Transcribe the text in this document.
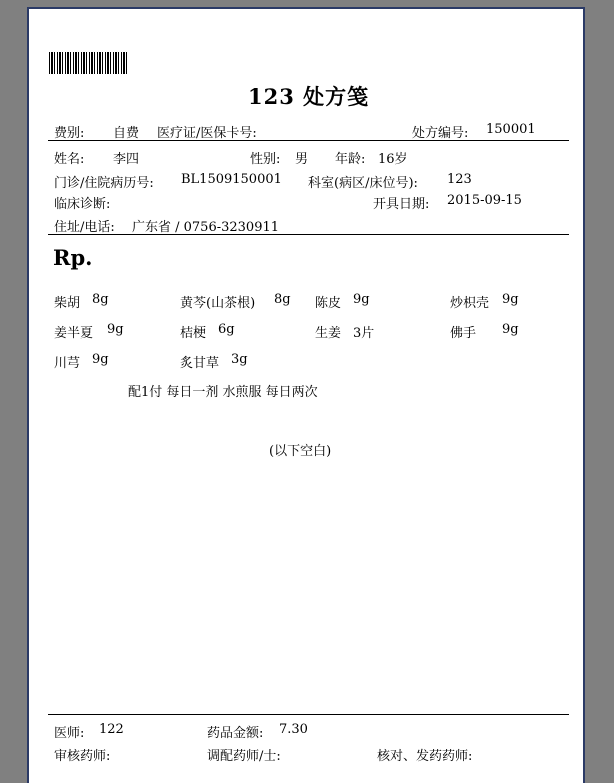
123 处方笺
费别: 自费 医疗证/医保卡号:	处方编号: 150001
姓名: 李四	性别: 男 年龄: 16岁
门诊/住院病历号: BL1509150001 科室(病区/床位号): 123
临床诊断:	开具日期: 2015-09-15
住址/电话: 广东省 / 0756-3230911
Rp.
柴胡 8g	黄芩(山茶根) 8g 陈皮 9g	炒枳壳 9g
姜半夏 9g	桔梗 6g	生姜 3片	佛手 9g
川芎 9g	炙甘草 3g
配1付 每日一剂 水煎服 每日两次
(以下空白)
医师: 122	药品金额: 7.30
审核药师:	调配药师/士:	核对、发药药师:
